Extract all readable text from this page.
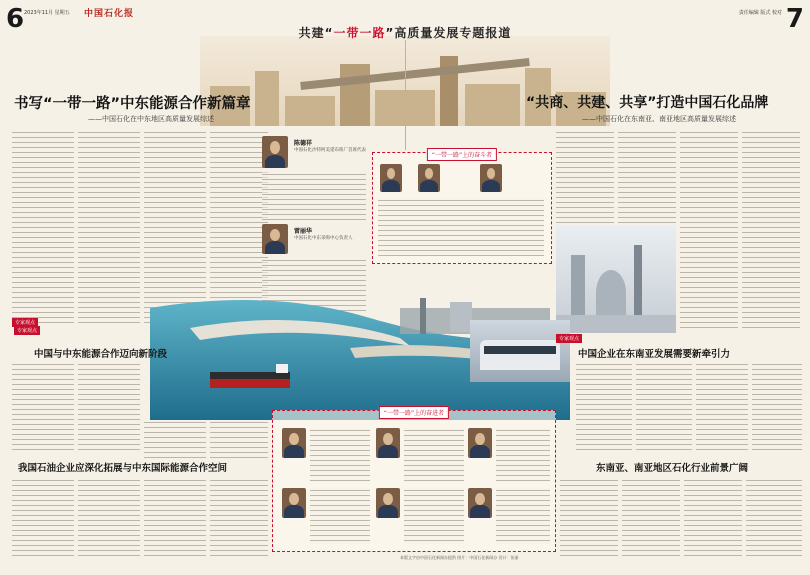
6 2023年11月 星期五 中国石化报	责任编辑 版式 校对 7
共建“一带一路”高质量发展专题报道
书写“一带一路”中东能源合作新篇章
——中国石化在中东地区高质量发展综述
“共商、共建、共享”打造中国石化品牌
——中国石化在东南亚、南亚地区高质量发展综述
专家观点
陈德祥
中国石化沙特阿美延布炼厂首席代表
雷丽华
中国石化中东采购中心负责人
“一带一路”上的奋斗者
专家观点
中国与中东能源合作迈向新阶段
专家观点
中国企业在东南亚发展需要新牵引力
我国石油企业应深化拓展与中东国际能源合作空间
“一带一路”上的奋进者
东南亚、南亚地区石化行业前景广阔
本版文字由中国石化新闻办提供 图片：中国石化新闻办 设计：张丽
